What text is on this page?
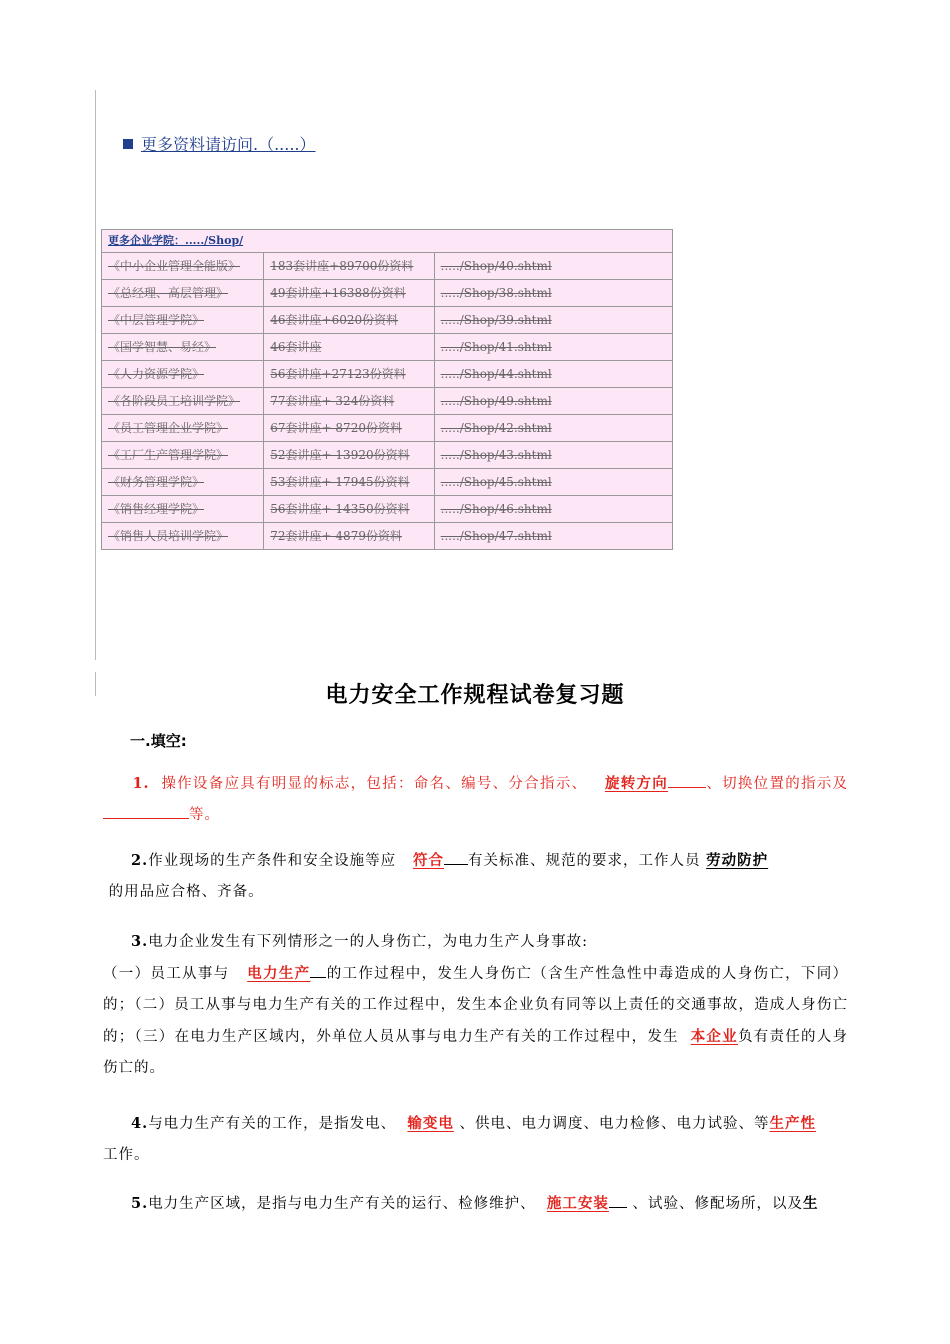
更多资料请访问.（.....）
更多企业学院：...../Shop/		
《中小企业管理全能版》	183套讲座+89700份资料	...../Shop/40.shtml
《总经理、高层管理》	49套讲座+16388份资料	...../Shop/38.shtml
《中层管理学院》	46套讲座+6020份资料	...../Shop/39.shtml
《国学智慧、易经》	46套讲座	...../Shop/41.shtml
《人力资源学院》	56套讲座+27123份资料	...../Shop/44.shtml
《各阶段员工培训学院》	77套讲座+ 324份资料	...../Shop/49.shtml
《员工管理企业学院》	67套讲座+ 8720份资料	...../Shop/42.shtml
《工厂生产管理学院》	52套讲座+ 13920份资料	...../Shop/43.shtml
《财务管理学院》	53套讲座+ 17945份资料	...../Shop/45.shtml
《销售经理学院》	56套讲座+ 14350份资料	...../Shop/46.shtml
《销售人员培训学院》	72套讲座+ 4879份资料	...../Shop/47.shtml
电力安全工作规程试卷复习题
一.填空:
1. 操作设备应具有明显的标志，包括：命名、编号、分合指示、 旋转方向	、切换位置的指示及等。
2.作业现场的生产条件和安全设施等应 符合 有关标准、规范的要求，工作人员 劳动防护
的用品应合格、齐备。
3.电力企业发生有下列情形之一的人身伤亡，为电力生产人身事故:
（一）员工从事与 电力生产 的工作过程中，发生人身伤亡（含生产性急性中毒造成的人身伤亡，下同）的；（二）员工从事与电力生产有关的工作过程中，发生本企业负有同等以上责任的交通事故，造成人身伤亡的；（三）在电力生产区域内，外单位人员从事与电力生产有关的工作过程中，发生 本企业负有责任的人身伤亡的。
4.与电力生产有关的工作，是指发电、 输变电 、供电、电力调度、电力检修、电力试验、等生产性
工作。
5.电力生产区域，是指与电力生产有关的运行、检修维护、 施工安装 、试验、修配场所，以及生
